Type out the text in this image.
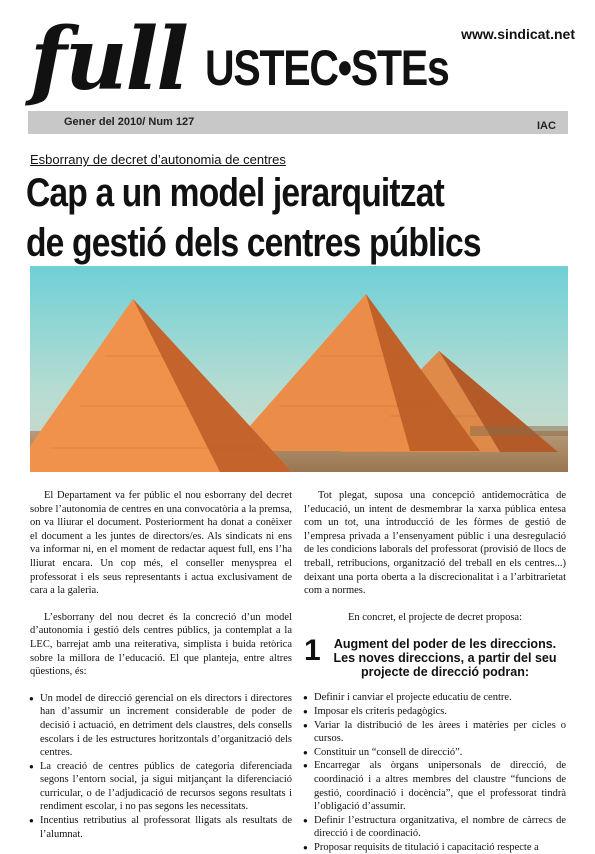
full	www.sindicat.net
USTEC•STEs
Gener del 2010/ Num 127	IAC
Esborrany de decret d’autonomia de centres
Cap a un model jerarquitzat
de gestió dels centres públics

El Departament va fer públic el nou esborrany del decret sobre l’autonomia de centres en una convocatòria a la premsa, on va lliurar el document. Posteriorment ha donat a conèixer el document a les juntes de directors/es. Als sindicats ni ens va informar ni, en el moment de redactar aquest full, ens l’ha lliurat encara. Un cop més, el conseller menysprea el professorat i els seus representants i actua exclusivament de cara a la galeria.

L’esborrany del nou decret és la concreció d’un model d’autonomia i gestió dels centres públics, ja contemplat a la LEC, barrejat amb una reiterativa, simplista i buida retòrica sobre la millora de l’educació. El que planteja, entre altres qüestions, és:

● Un model de direcció gerencial on els directors i directores han d’assumir un increment considerable de poder de decisió i actuació, en detriment dels claustres, dels consells escolars i de les estructures horitzontals d’organització dels centres.
● La creació de centres públics de categoria diferenciada segons l’entorn social, ja sigui mitjançant la diferenciació curricular, o de l’adjudicació de recursos segons resultats i rendiment escolar, i no pas segons les necessitats.
● Incentius retributius al professorat lligats als resultats de l’alumnat.

Tot plegat, suposa una concepció antidemocràtica de l’educació, un intent de desmembrar la xarxa pública entesa com un tot, una introducció de les fòrmes de gestió de l’empresa privada a l’ensenyament públic i una desregulació de les condicions laborals del professorat (provisió de llocs de treball, retribucions, organització del treball en els centres...) deixant una porta oberta a la discrecionalitat i a l’arbitrarietat com a normes.

En concret, el projecte de decret proposa:

1 Augment del poder de les direccions. Les noves direccions, a partir del seu projecte de direcció podran:
● Definir i canviar el projecte educatiu de centre.
● Imposar els criteris pedagògics.
● Variar la distribució de les àrees i matèries per cicles o cursos.
● Constituir un “consell de direcció”.
● Encarregar als òrgans unipersonals de direcció, de coordinació i a altres membres del claustre “funcions de gestió, coordinació i docència”, que el professorat tindrà l’obligació d’assumir.
● Definir l’estructura organitzativa, el nombre de càrrecs de direcció i de coordinació.
● Proposar requisits de titulació i capacitació respecte a
